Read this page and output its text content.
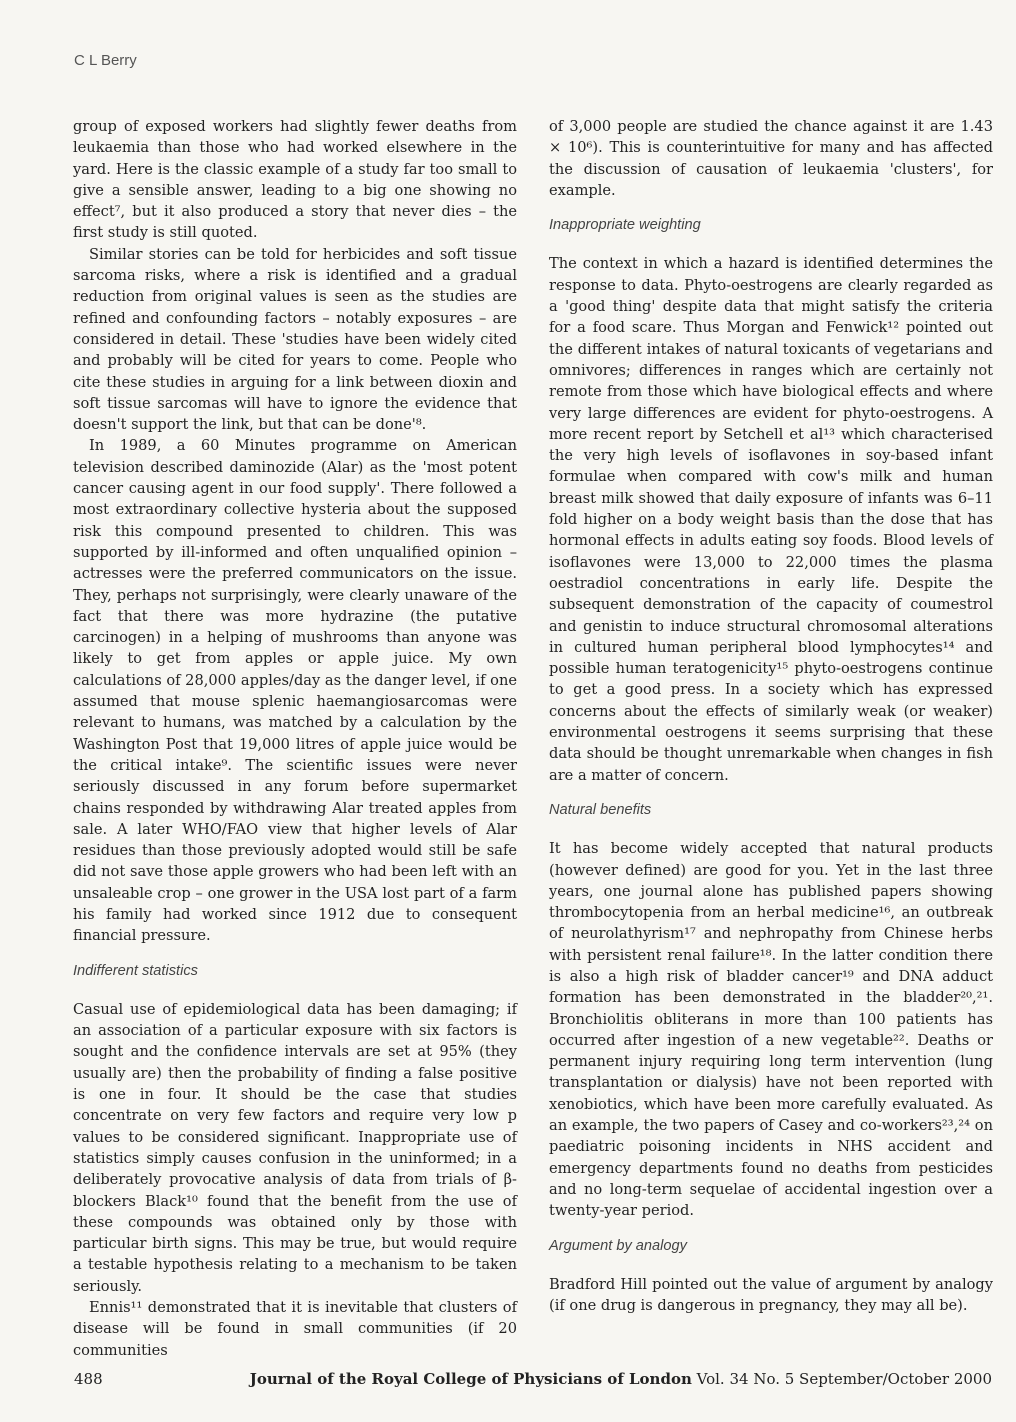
C L Berry

group of exposed workers had slightly fewer deaths from leukaemia than those who had worked elsewhere in the yard. Here is the classic example of a study far too small to give a sensible answer, leading to a big one showing no effect⁷, but it also produced a story that never dies – the first study is still quoted.

Similar stories can be told for herbicides and soft tissue sarcoma risks, where a risk is identified and a gradual reduction from original values is seen as the studies are refined and confounding factors – notably exposures – are considered in detail. These 'studies have been widely cited and probably will be cited for years to come. People who cite these studies in arguing for a link between dioxin and soft tissue sarcomas will have to ignore the evidence that doesn't support the link, but that can be done'⁸.

In 1989, a 60 Minutes programme on American television described daminozide (Alar) as the 'most potent cancer causing agent in our food supply'. There followed a most extraordinary collective hysteria about the supposed risk this compound presented to children. This was supported by ill-informed and often unqualified opinion – actresses were the preferred communicators on the issue. They, perhaps not surprisingly, were clearly unaware of the fact that there was more hydrazine (the putative carcinogen) in a helping of mushrooms than anyone was likely to get from apples or apple juice. My own calculations of 28,000 apples/day as the danger level, if one assumed that mouse splenic haemangiosarcomas were relevant to humans, was matched by a calculation by the Washington Post that 19,000 litres of apple juice would be the critical intake⁹. The scientific issues were never seriously discussed in any forum before supermarket chains responded by withdrawing Alar treated apples from sale. A later WHO/FAO view that higher levels of Alar residues than those previously adopted would still be safe did not save those apple growers who had been left with an unsaleable crop – one grower in the USA lost part of a farm his family had worked since 1912 due to consequent financial pressure.

Indifferent statistics

Casual use of epidemiological data has been damaging; if an association of a particular exposure with six factors is sought and the confidence intervals are set at 95% (they usually are) then the probability of finding a false positive is one in four. It should be the case that studies concentrate on very few factors and require very low p values to be considered significant. Inappropriate use of statistics simply causes confusion in the uninformed; in a deliberately provocative analysis of data from trials of β-blockers Black¹⁰ found that the benefit from the use of these compounds was obtained only by those with particular birth signs. This may be true, but would require a testable hypothesis relating to a mechanism to be taken seriously.

Ennis¹¹ demonstrated that it is inevitable that clusters of disease will be found in small communities (if 20 communities

of 3,000 people are studied the chance against it are 1.43 × 10⁶). This is counterintuitive for many and has affected the discussion of causation of leukaemia 'clusters', for example.

Inappropriate weighting

The context in which a hazard is identified determines the response to data. Phyto-oestrogens are clearly regarded as a 'good thing' despite data that might satisfy the criteria for a food scare. Thus Morgan and Fenwick¹² pointed out the different intakes of natural toxicants of vegetarians and omnivores; differences in ranges which are certainly not remote from those which have biological effects and where very large differences are evident for phyto-oestrogens. A more recent report by Setchell et al¹³ which characterised the very high levels of isoflavones in soy-based infant formulae when compared with cow's milk and human breast milk showed that daily exposure of infants was 6–11 fold higher on a body weight basis than the dose that has hormonal effects in adults eating soy foods. Blood levels of isoflavones were 13,000 to 22,000 times the plasma oestradiol concentrations in early life. Despite the subsequent demonstration of the capacity of coumestrol and genistin to induce structural chromosomal alterations in cultured human peripheral blood lymphocytes¹⁴ and possible human teratogenicity¹⁵ phyto-oestrogens continue to get a good press. In a society which has expressed concerns about the effects of similarly weak (or weaker) environmental oestrogens it seems surprising that these data should be thought unremarkable when changes in fish are a matter of concern.

Natural benefits

It has become widely accepted that natural products (however defined) are good for you. Yet in the last three years, one journal alone has published papers showing thrombocytopenia from an herbal medicine¹⁶, an outbreak of neurolathyrism¹⁷ and nephropathy from Chinese herbs with persistent renal failure¹⁸. In the latter condition there is also a high risk of bladder cancer¹⁹ and DNA adduct formation has been demonstrated in the bladder²⁰,²¹. Bronchiolitis obliterans in more than 100 patients has occurred after ingestion of a new vegetable²². Deaths or permanent injury requiring long term intervention (lung transplantation or dialysis) have not been reported with xenobiotics, which have been more carefully evaluated. As an example, the two papers of Casey and co-workers²³,²⁴ on paediatric poisoning incidents in NHS accident and emergency departments found no deaths from pesticides and no long-term sequelae of accidental ingestion over a twenty-year period.

Argument by analogy

Bradford Hill pointed out the value of argument by analogy (if one drug is dangerous in pregnancy, they may all be).

488	Journal of the Royal College of Physicians of London Vol. 34 No. 5 September/October 2000
